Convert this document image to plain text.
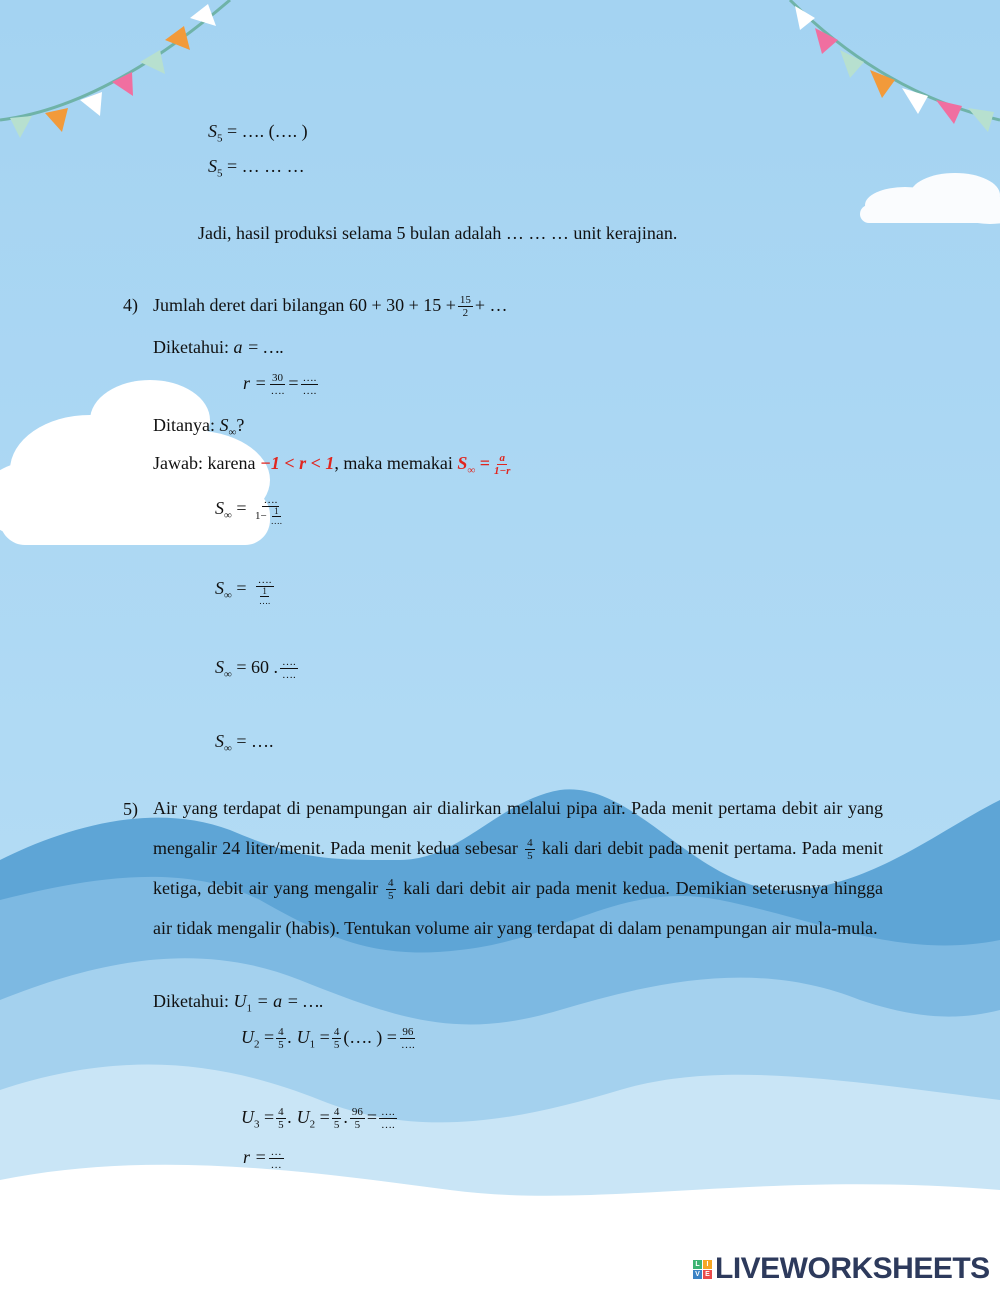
$S_5$ = …. (…. )
$S_5$ = … … …
Jadi, hasil produksi selama 5 bulan adalah … … … unit kerajinan.
4) Jumlah deret dari bilangan $60 + 30 + 15 + \frac{15}{2}$ + …
Diketahui: a = ….
r = 30
…. = ….
….
Ditanya: $S_\infty$?
Jawab: karena −1 < r < 1, maka memakai $S_\infty = \frac{a}{1-r}$
$S_\infty$ = ….
1− 1
….
$S_\infty$ = ….
1
….
$S_\infty = 60$ . ….
….
$S_\infty$ = ….
5) Air yang terdapat di penampungan air dialirkan melalui pipa air. Pada menit pertama debit air yang mengalir 24 liter/menit. Pada menit kedua sebesar $\frac{4}{5}$ kali dari debit pada menit pertama. Pada menit ketiga, debit air yang mengalir $\frac{4}{5}$ kali dari debit air pada menit kedua. Demikian seterusnya hingga air tidak mengalir (habis). Tentukan volume air yang terdapat di dalam penampungan air mula-mula.
Diketahui: $U_1 = a$ = ….
$U_2 = \frac{4}{5}$ . $U_1 = \frac{4}{5}$ (…. ) = 96
….
$U_3 = \frac{4}{5}$ . $U_2 = \frac{4}{5}$ . $\frac{96}{5}$ = ….
….
r = …
…
L I
V E LIVEWORKSHEETS
